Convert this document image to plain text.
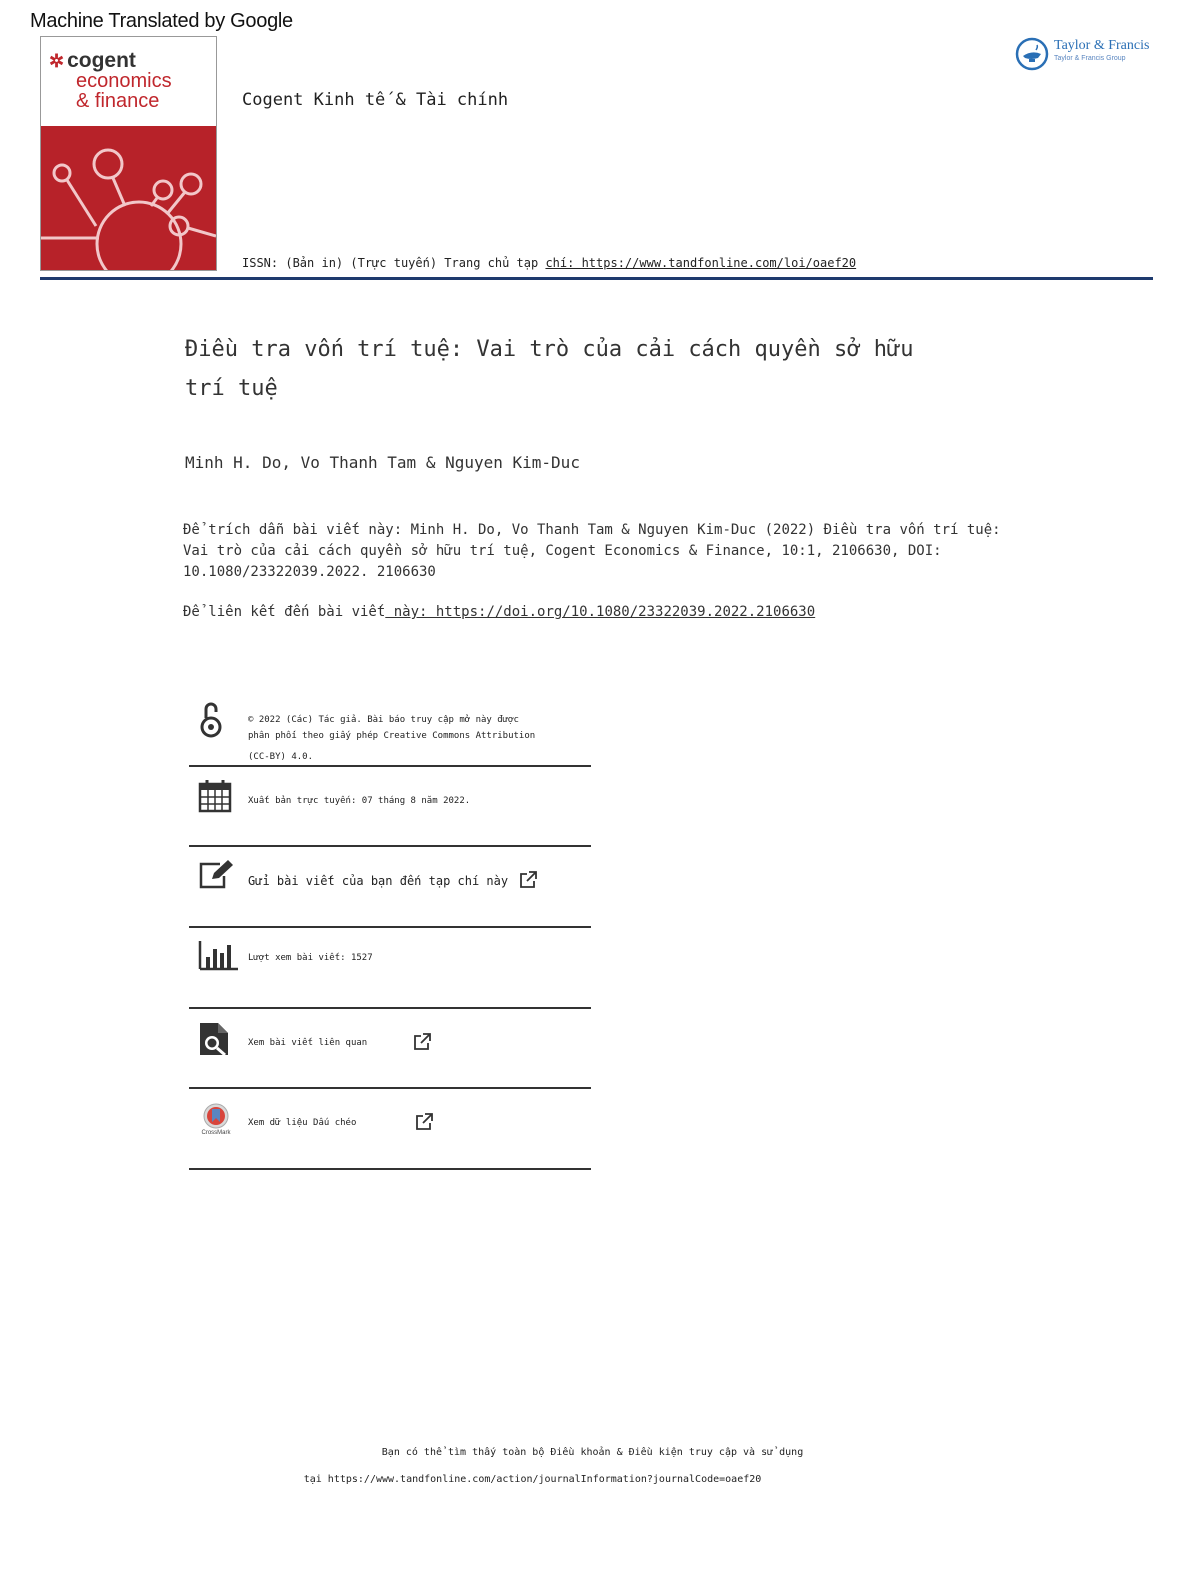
Machine Translated by Google
✲ cogent
economics
& finance	Cogent Kinh tế & Tài chính
ISSN: (Bản in) (Trực tuyến) Trang chủ tạp chí: https://www.tandfonline.com/loi/oaef20
Taylor & Francis
Taylor & Francis Group
Điều tra vốn trí tuệ: Vai trò của cải cách quyền sở hữu
trí tuệ
Minh H. Do, Vo Thanh Tam & Nguyen Kim-Duc
Để trích dẫn bài viết này: Minh H. Do, Vo Thanh Tam & Nguyen Kim-Duc (2022) Điều tra vốn trí tuệ:
Vai trò của cải cách quyền sở hữu trí tuệ, Cogent Economics & Finance, 10:1, 2106630, DOI:
10.1080/23322039.2022. 2106630
Để liên kết đến bài viết này: https://doi.org/10.1080/23322039.2022.2106630
© 2022 (Các) Tác giả. Bài báo truy cập mở này được
phân phối theo giấy phép Creative Commons Attribution
(CC-BY) 4.0.
Xuất bản trực tuyến: 07 tháng 8 năm 2022.
Gửi bài viết của bạn đến tạp chí này
Lượt xem bài viết: 1527
Xem bài viết liên quan
CrossMark
Xem dữ liệu Dấu chéo
Bạn có thể tìm thấy toàn bộ Điều khoản & Điều kiện truy cập và sử dụng
tại https://www.tandfonline.com/action/journalInformation?journalCode=oaef20
